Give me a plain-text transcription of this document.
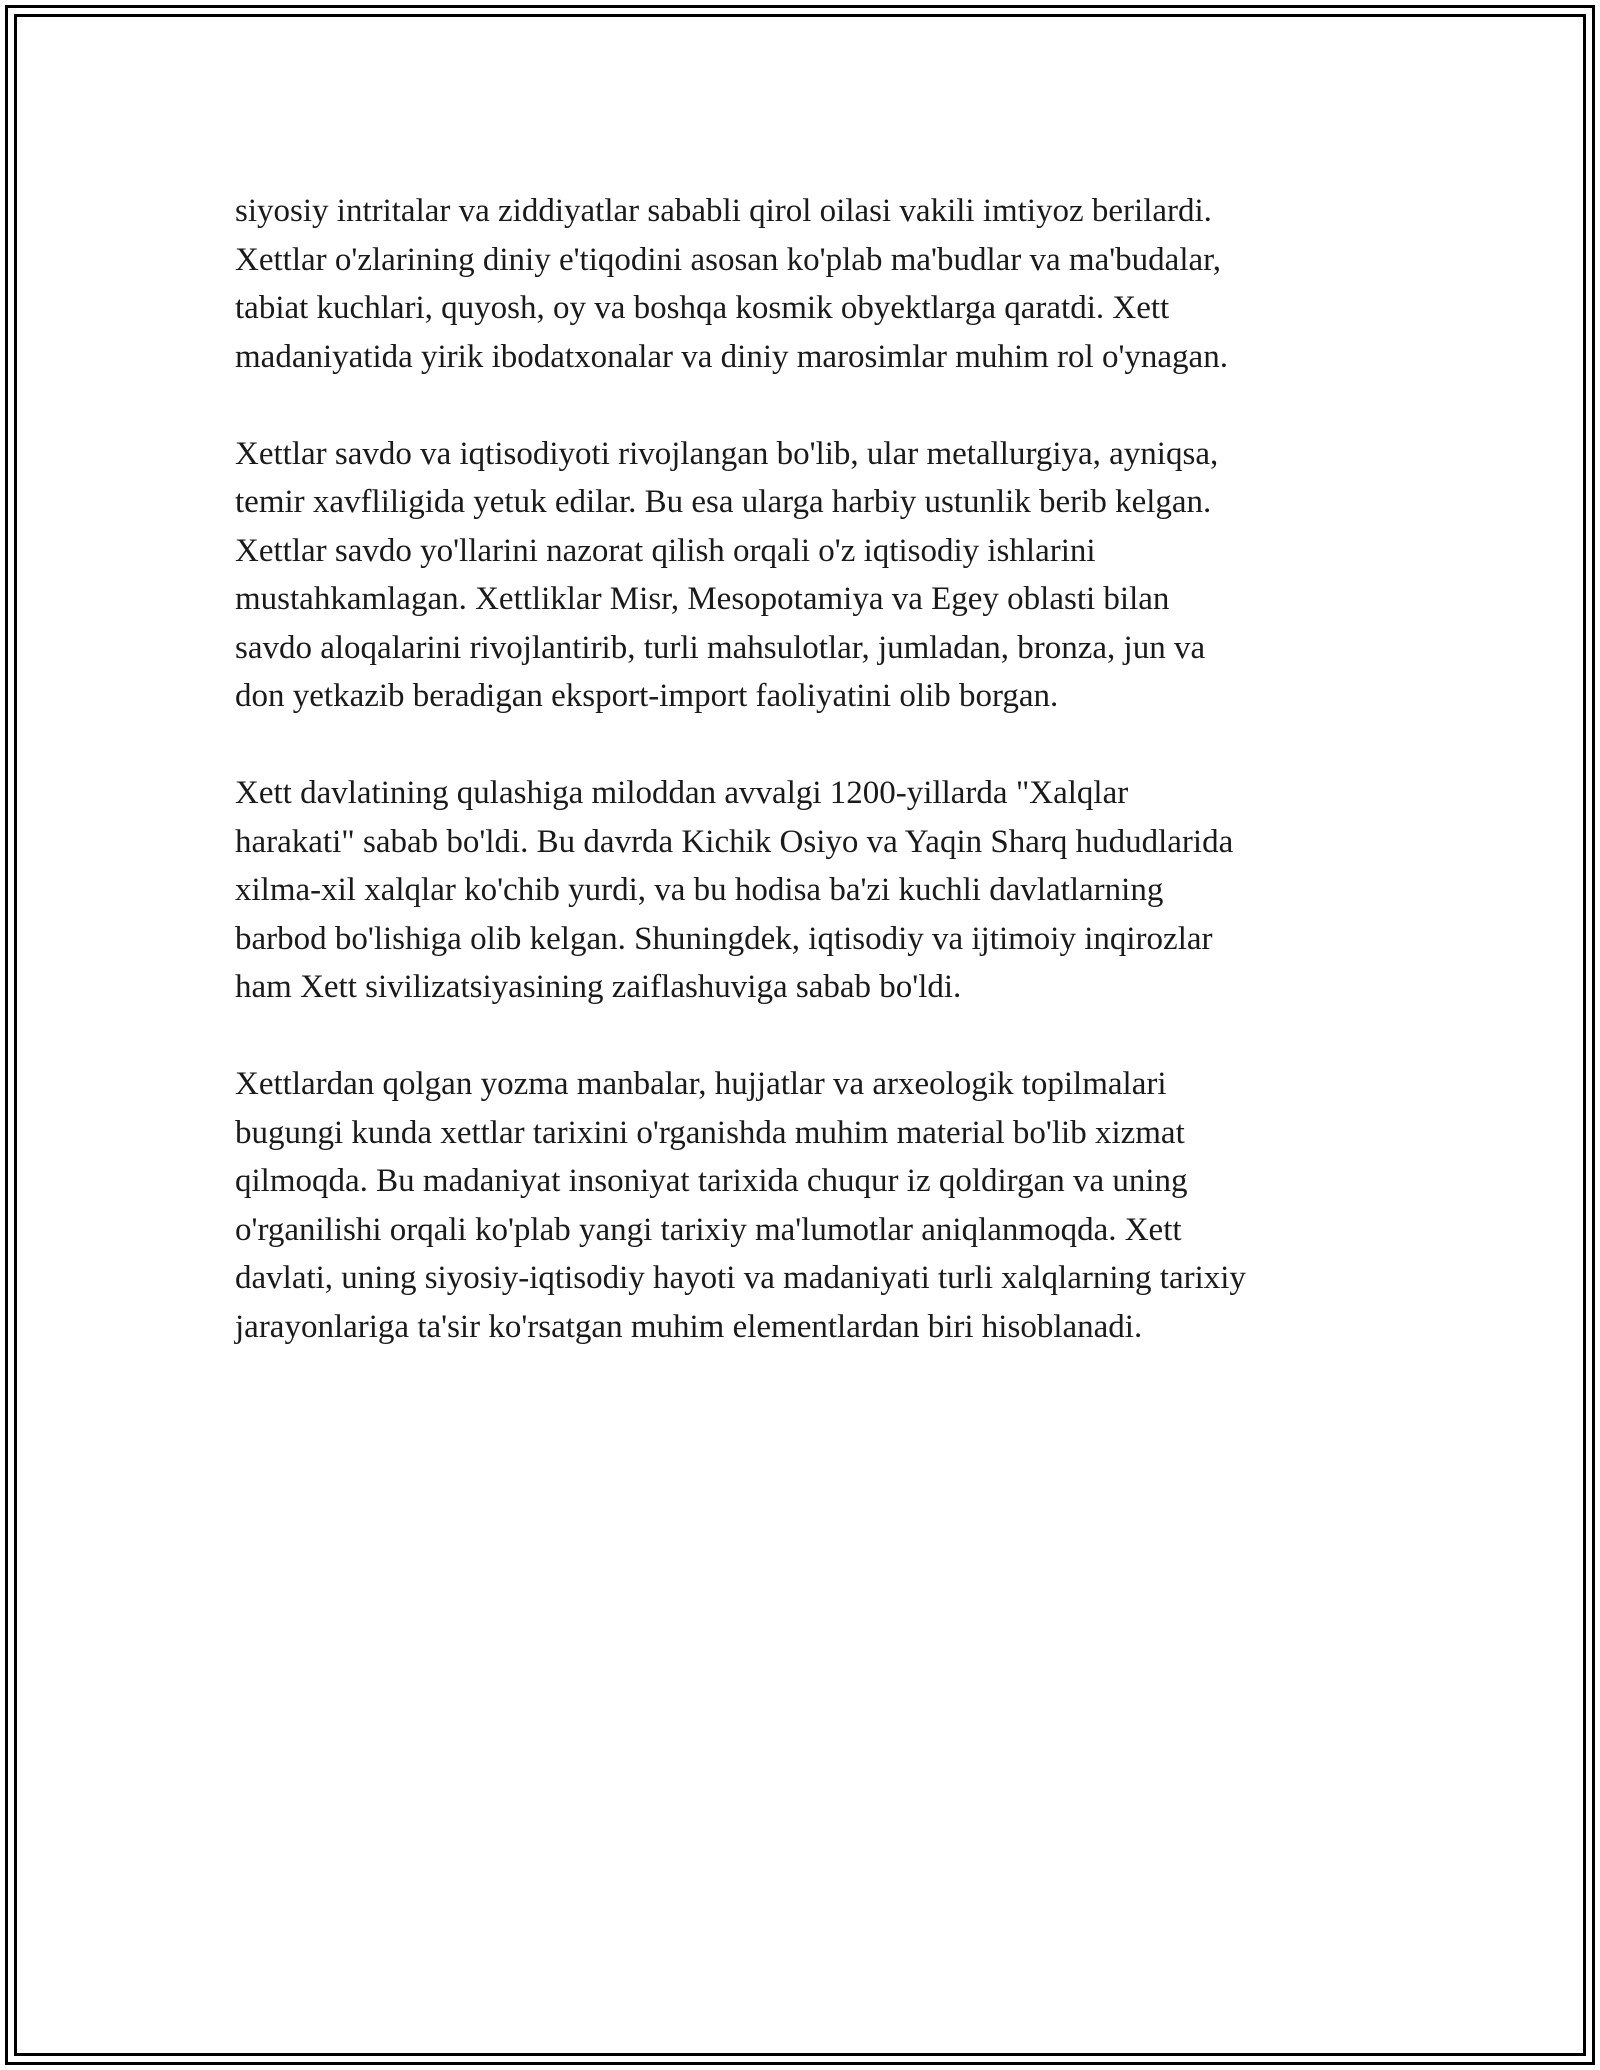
siyosiy intritalar va ziddiyatlar sababli qirol oilasi vakili imtiyoz berilardi.
Xettlar o'zlarining diniy e'tiqodini asosan ko'plab ma'budlar va ma'budalar,
tabiat kuchlari, quyosh, oy va boshqa kosmik obyektlarga qaratdi. Xett
madaniyatida yirik ibodatxonalar va diniy marosimlar muhim rol o'ynagan.

Xettlar savdo va iqtisodiyoti rivojlangan bo'lib, ular metallurgiya, ayniqsa,
temir xavfliligida yetuk edilar. Bu esa ularga harbiy ustunlik berib kelgan.
Xettlar savdo yo'llarini nazorat qilish orqali o'z iqtisodiy ishlarini
mustahkamlagan. Xettliklar Misr, Mesopotamiya va Egey oblasti bilan
savdo aloqalarini rivojlantirib, turli mahsulotlar, jumladan, bronza, jun va
don yetkazib beradigan eksport-import faoliyatini olib borgan.

Xett davlatining qulashiga miloddan avvalgi 1200-yillarda "Xalqlar
harakati" sabab bo'ldi. Bu davrda Kichik Osiyo va Yaqin Sharq hududlarida
xilma-xil xalqlar ko'chib yurdi, va bu hodisa ba'zi kuchli davlatlarning
barbod bo'lishiga olib kelgan. Shuningdek, iqtisodiy va ijtimoiy inqirozlar
ham Xett sivilizatsiyasining zaiflashuviga sabab bo'ldi.

Xettlardan qolgan yozma manbalar, hujjatlar va arxeologik topilmalari
bugungi kunda xettlar tarixini o'rganishda muhim material bo'lib xizmat
qilmoqda. Bu madaniyat insoniyat tarixida chuqur iz qoldirgan va uning
o'rganilishi orqali ko'plab yangi tarixiy ma'lumotlar aniqlanmoqda. Xett
davlati, uning siyosiy-iqtisodiy hayoti va madaniyati turli xalqlarning tarixiy
jarayonlariga ta'sir ko'rsatgan muhim elementlardan biri hisoblanadi.
